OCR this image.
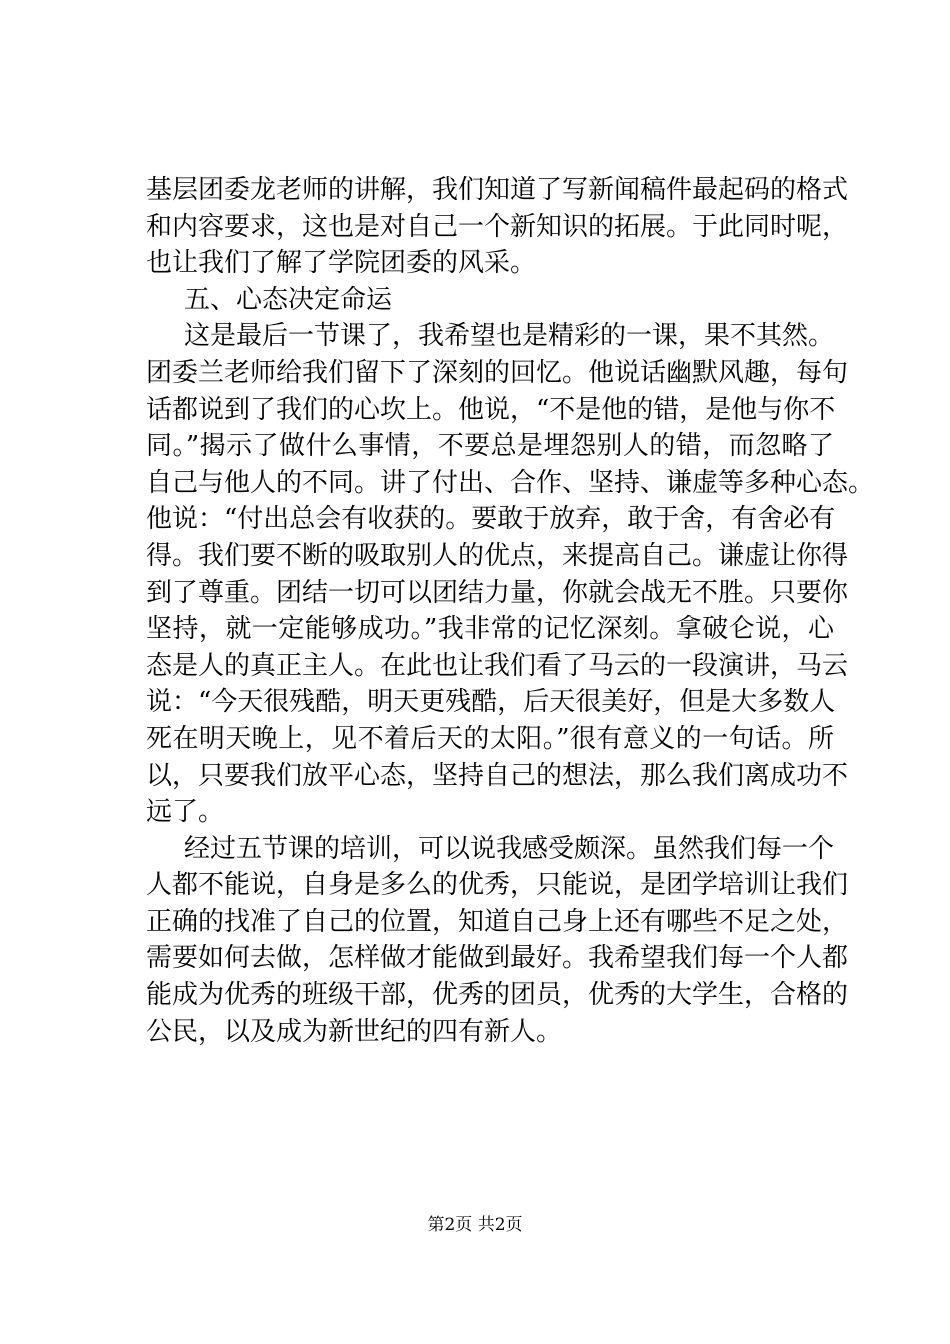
基层团委龙老师的讲解，我们知道了写新闻稿件最起码的格式
和内容要求，这也是对自己一个新知识的拓展。于此同时呢，
也让我们了解了学院团委的风采。
五、心态决定命运
这是最后一节课了，我希望也是精彩的一课，果不其然。
团委兰老师给我们留下了深刻的回忆。他说话幽默风趣，每句
话都说到了我们的心坎上。他说，“不是他的错，是他与你不
同。”揭示了做什么事情，不要总是埋怨别人的错，而忽略了
自己与他人的不同。讲了付出、合作、坚持、谦虚等多种心态。
他说：“付出总会有收获的。要敢于放弃，敢于舍，有舍必有
得。我们要不断的吸取别人的优点，来提高自己。谦虚让你得
到了尊重。团结一切可以团结力量，你就会战无不胜。只要你
坚持，就一定能够成功。”我非常的记忆深刻。拿破仑说，心
态是人的真正主人。在此也让我们看了马云的一段演讲，马云
说：“今天很残酷，明天更残酷，后天很美好，但是大多数人
死在明天晚上，见不着后天的太阳。”很有意义的一句话。所
以，只要我们放平心态，坚持自己的想法，那么我们离成功不
远了。
经过五节课的培训，可以说我感受颇深。虽然我们每一个
人都不能说，自身是多么的优秀，只能说，是团学培训让我们
正确的找准了自己的位置，知道自己身上还有哪些不足之处，
需要如何去做，怎样做才能做到最好。我希望我们每一个人都
能成为优秀的班级干部，优秀的团员，优秀的大学生，合格的
公民，以及成为新世纪的四有新人。
第2页 共2页
